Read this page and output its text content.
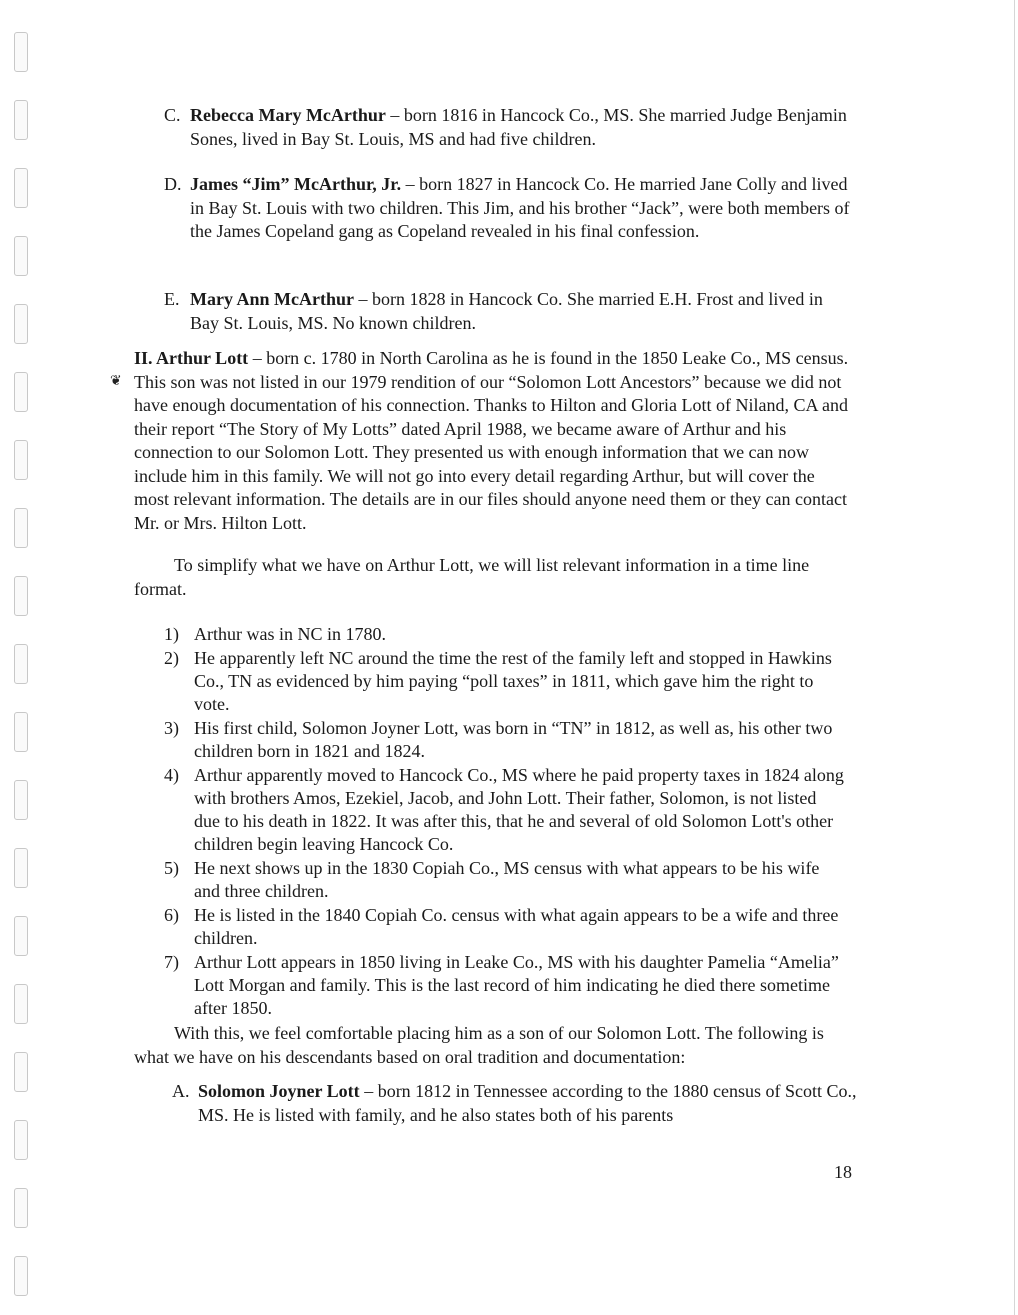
C. Rebecca Mary McArthur – born 1816 in Hancock Co., MS. She married Judge Benjamin Sones, lived in Bay St. Louis, MS and had five children.
D. James “Jim” McArthur, Jr. – born 1827 in Hancock Co. He married Jane Colly and lived in Bay St. Louis with two children. This Jim, and his brother “Jack”, were both members of the James Copeland gang as Copeland revealed in his final confession.
E. Mary Ann McArthur – born 1828 in Hancock Co. She married E.H. Frost and lived in Bay St. Louis, MS. No known children.
❦
II. Arthur Lott – born c. 1780 in North Carolina as he is found in the 1850 Leake Co., MS census. This son was not listed in our 1979 rendition of our “Solomon Lott Ancestors” because we did not have enough documentation of his connection. Thanks to Hilton and Gloria Lott of Niland, CA and their report “The Story of My Lotts” dated April 1988, we became aware of Arthur and his connection to our Solomon Lott. They presented us with enough information that we can now include him in this family. We will not go into every detail regarding Arthur, but will cover the most relevant information. The details are in our files should anyone need them or they can contact Mr. or Mrs. Hilton Lott.
To simplify what we have on Arthur Lott, we will list relevant information in a time line format.
1) Arthur was in NC in 1780.
2) He apparently left NC around the time the rest of the family left and stopped in Hawkins Co., TN as evidenced by him paying “poll taxes” in 1811, which gave him the right to vote.
3) His first child, Solomon Joyner Lott, was born in “TN” in 1812, as well as, his other two children born in 1821 and 1824.
4) Arthur apparently moved to Hancock Co., MS where he paid property taxes in 1824 along with brothers Amos, Ezekiel, Jacob, and John Lott. Their father, Solomon, is not listed due to his death in 1822. It was after this, that he and several of old Solomon Lott's other children begin leaving Hancock Co.
5) He next shows up in the 1830 Copiah Co., MS census with what appears to be his wife and three children.
6) He is listed in the 1840 Copiah Co. census with what again appears to be a wife and three children.
7) Arthur Lott appears in 1850 living in Leake Co., MS with his daughter Pamelia “Amelia” Lott Morgan and family. This is the last record of him indicating he died there sometime after 1850.
With this, we feel comfortable placing him as a son of our Solomon Lott. The following is what we have on his descendants based on oral tradition and documentation:
A. Solomon Joyner Lott – born 1812 in Tennessee according to the 1880 census of Scott Co., MS. He is listed with family, and he also states both of his parents
18
